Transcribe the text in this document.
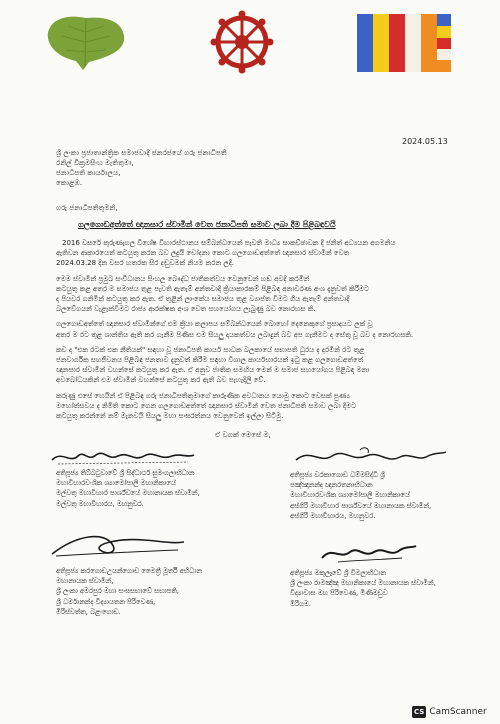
2024.05.13
ශ්‍රී ලංකා ප්‍රජාතාන්ත්‍රික සමාජවාදී ජනරජයේ ගරු ජනාධිපති
රනිල් වික්‍රමසිංහ මැතිතුමා,
ජනාධිපති කාර්යාලය,
කොළඹ.
ගරු ජනාධිපතිතුමනි,
ගලගොඩඅත්තේ ඥානසාර ස්වාමීන් වෙත ජනාධිපති සමාව ලබා දීම පිළිබඳවයි
2016 වසරේ කුරුණෑගල විශේෂ විහාරස්ථානය සම්බන්ධයෙන් පැවති මාධ්‍ය සාකච්ඡාවක දී ජනිත් අධ්‍යයන අගමනිය
ඇතිවන ආකාරයෙන් කටයුතු කරන බව ලදුයි චෝදනා කොට ගලගොඩඅත්තේ ඥානසාර ස්වාමීන් වෙත
2024.03.28 දින වසර හතරක සිර දඬුවමක් නියම කරන ලදී.
මෙම ස්වාමීන් ප්‍රමුඛ සංවිධානය සිංහල බෞද්ධ ජාතිකත්වය වෙනුවෙන් හඬ අවදි කරමින්
කටයුතු කළ අතර ම සමාජය තුළ පැවති ඇතැම් අන්තවාදී ක්‍රියාකාරකම් පිළිබඳ අනාවරණ අංශ දැනුවත් කිරීමට
ද පියවර ගනිමින් කටයුතු කර ඇත. ඒ තුළින් ලාංකේය සමාජය තුළ ව්‍යාප්ත වීමට ගිය ඇතැම් අන්තවාදී
බලවේගයන් වැළැක්වීමට රාජ්‍ය ආරක්ෂක අංශ වෙත සහයෝගය ලැබුණු බව නොරහස කි.
ගලගොඩඅත්තේ ඥානසාර ස්වාමීන්ගේ එම ක්‍රියා කලාපය සම්බන්ධයෙන් බොහෝ දෙනෙකුගේ ප්‍රසාදයට ලක් වූ
අතර ම රට තුළ ශාන්තිය ඇති කර ගැනීම පිණිස එම සියලු දායකත්වය ලබාදුන් බව අප ගැනීමට ද සේතු වූ බව ද නොරහසකි.
කව ද "එක රටක් එක නීතියක්" සඳහා වූ ජනාධිපති කාර්ය සාධක බලකායේ සභාපති ධුරය ද දරමින් රට තුළ
ජනවාර්ගික සහජීවනය පිළිබඳ ජනතාව දැනුවත් කිරීම සඳහා විශාල කාර්යභාරයක් ඉටු කළ ගලගොඩඅත්තේ
ඥානසාර ස්වාමීන් වහන්සේ කටයුතු කර ඇත. ඒ අනුව ජාතික සමඟිය මෙන් ම සමාජ සහයෝගය පිළිබඳ මනා
අවබෝධයකින් එම ස්වාමීන් වහන්සේ කටයුතු කර ඇති බව පැහැදිලි වේ.
කරුණු එසේ හෙයින් ඒ පිළිබඳ ගරු ජනාධිපතිතුමාගේ කාරුණික අවධානය යොමු කොට වෙසක් පුණ්‍ය
මහෝත්සවය ද නිමිති කොට ගෙන ගලගොඩඅත්තේ ඥානසාර ස්වාමීන් වෙත ජනාධිපති සමාව ලබා දීමට
කටයුතු කරන්නේ නම් මැනවයි සියලු මහා සංඝරත්නය වෙනුවෙන් ඉල්ලා සිටිමු.
ඒ වගක් මෙසේ ම,
අතිපූජ්‍ය තිබ්බටුවාවේ ශ්‍රී සිද්ධාර්ථ සුමංගලාභිධාන
මහාවිහාරවංශික ශ්‍යාමෝපාලි මහානිකායේ
මල්වතු මහාවිහාර පාර්ශ්වයේ මහානායක ස්වාමීන්,
මල්වතු මහාවිහාරය, මහනුවර.
අතිපූජ්‍ය වරකාගොඩ ධම්මසිද්ධි ශ්‍රී
පඤ්ඤානන්ද ඥානරතනාභිධාන
මහාවිහාරවංශික ශ්‍යාමෝපාලි මහානිකායේ
අස්ගිරි මහාවිහාර පාර්ශ්වයේ මහානායක ස්වාමීන්,
අස්ගිරි මහාවිහාරය, මහනුවර.
අතිපූජ්‍ය කරගොඩඋයන්ගොඩ මෛත්‍රී මූර්ති අභිධාන
මහානායක ස්වාමීන්,
ශ්‍රී ලංකා අමරපුර මහා සංඝසභාවේ සභාපති,
ශ්‍රී ධර්මානන්ද විද්‍යායතන පිරිවෙණ,
මිරිස්වත්ත, බළංගොඩ.
අතිපූජ්‍ය මකුලෑවේ ශ්‍රී විමලාභිධාන
ශ්‍රී ලංකා රාමඤ්ඤ මහානිකායේ මහානායක ස්වාමීන්,
විද්‍යාවාස මහ පිරිවෙණ, මිණිමඩුව
මීරිගම.
CS CamScanner
